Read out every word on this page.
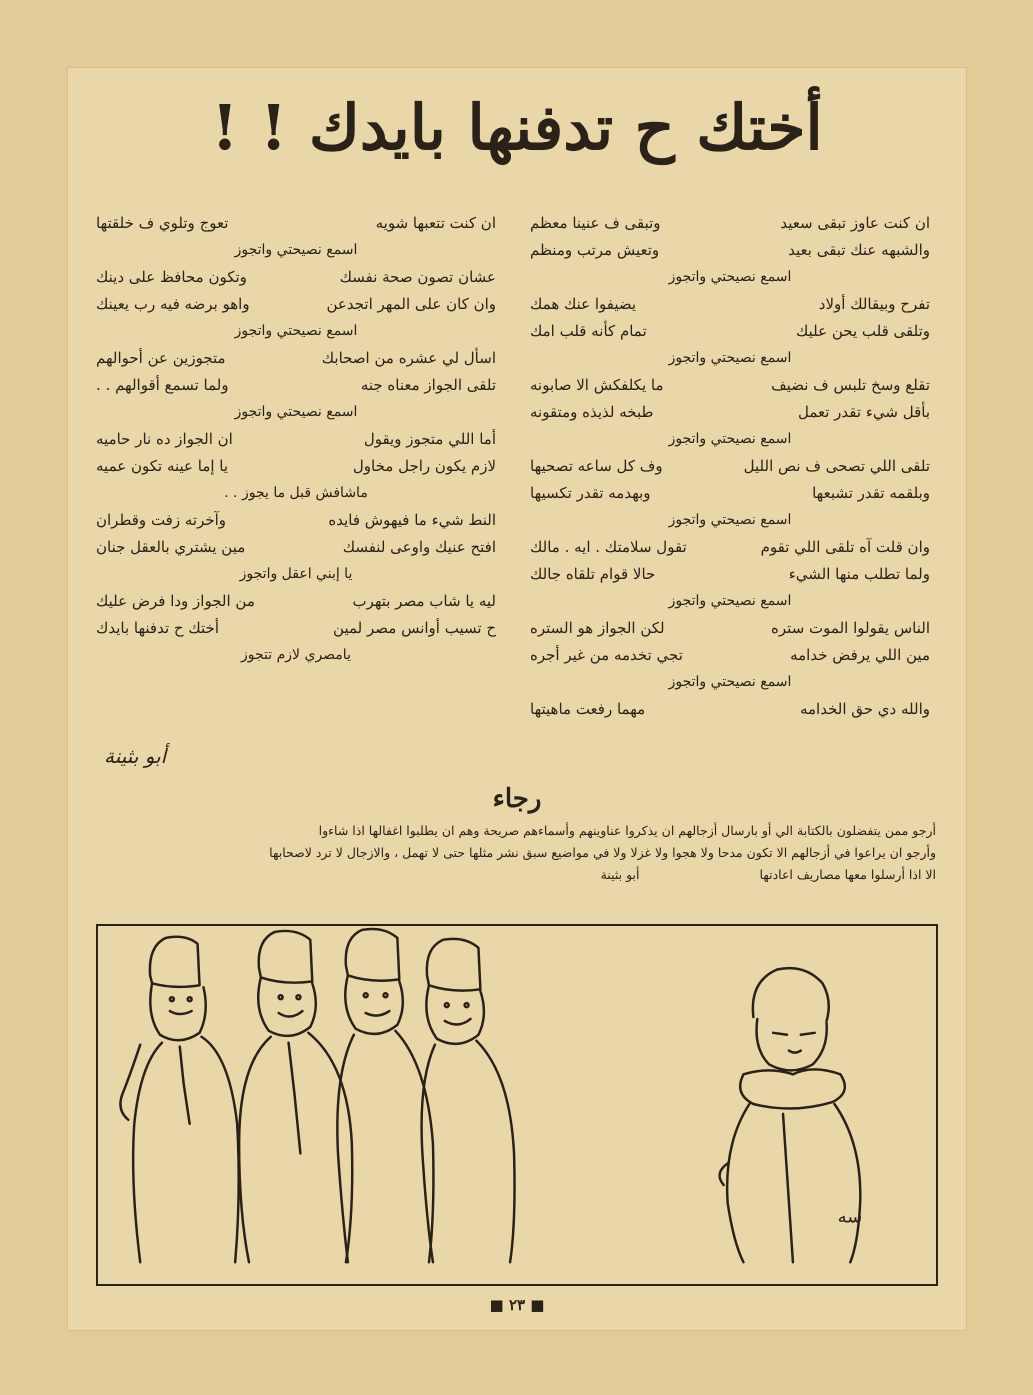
أختك ح تدفنها بايدك ! !
ان كنت عاوز تبقى سعيد
وتبقى ف عنينا معظم
والشبهه عنك تبقى بعيد
وتعيش مرتب ومنظم
اسمع نصيحتي واتجوز
تفرح وبيقالك أولاد
يضيفوا عنك همك
وتلقى قلب يحن عليك
تمام كأنه قلب امك
اسمع نصيحتي واتجوز
تقلع وسخ تلبس ف نضيف
ما يكلفكش الا صابونه
بأقل شيء تقدر تعمل
طبخه لذيذه ومتقونه
اسمع نصيحتي واتجوز
تلقى اللي تصحى ف نص الليل
وف كل ساعه تصحيها
وبلقمه تقدر تشبعها
وبهدمه تقدر تكسيها
اسمع نصيحتي واتجوز
وان قلت آه تلقى اللي تقوم
تقول سلامتك . ايه . مالك
ولما تطلب منها الشيء
حالا قوام تلقاه جالك
اسمع نصيحتي واتجوز
الناس يقولوا الموت ستره
لكن الجواز هو الستره
مين اللي يرفض خدامه
تجي تخدمه من غير أجره
اسمع نصيحتي واتجوز
والله دي حق الخدامه
مهما رفعت ماهيتها
ان كنت تتعبها شويه
تعوج وتلوي ف خلقتها
اسمع نصيحتي واتجوز
عشان تصون صحة نفسك
وتكون محافظ على دينك
وان كان على المهر اتجدعن
واهو برضه فيه رب يعينك
اسمع نصيحتي واتجوز
اسأل لي عشره من اصحابك
متجوزين عن أحوالهم
تلقى الجواز معناه جنه
ولما تسمع أقوالهم . .
اسمع نصيحتي واتجوز
أما اللي متجوز ويقول
ان الجواز ده نار حاميه
لازم يكون راجل مخاول
يا إما عينه تكون عميه
ماشافش قبل ما يجوز . .
النط شيء ما فيهوش فايده
وآخرته زفت وقطران
افتح عنيك واوعى لنفسك
مين يشتري بالعقل جنان
يا إبني اعقل واتجوز
ليه يا شاب مصر بتهرب
من الجواز ودا فرض عليك
ح تسيب أوانس مصر لمين
أختك ح تدفنها بايدك
يامصري لازم تتجوز
أبو بثينة
رجاء
أرجو ممن يتفضلون بالكتابة الي أو بارسال أزجالهم ان يذكروا عناوينهم وأسماءهم صريحة وهم ان يطلبوا اغفالها اذا شاءوا
وأرجو ان يراعوا في أزجالهم الا تكون مدحا ولا هجوا ولا غزلا ولا في مواضيع سبق نشر مثلها حتى لا تهمل ، والازجال لا ترد لاصحابها
الا اذا أرسلوا معها مصاريف اعادتها
أبو بثينة
سه
■ ٢٣ ■
